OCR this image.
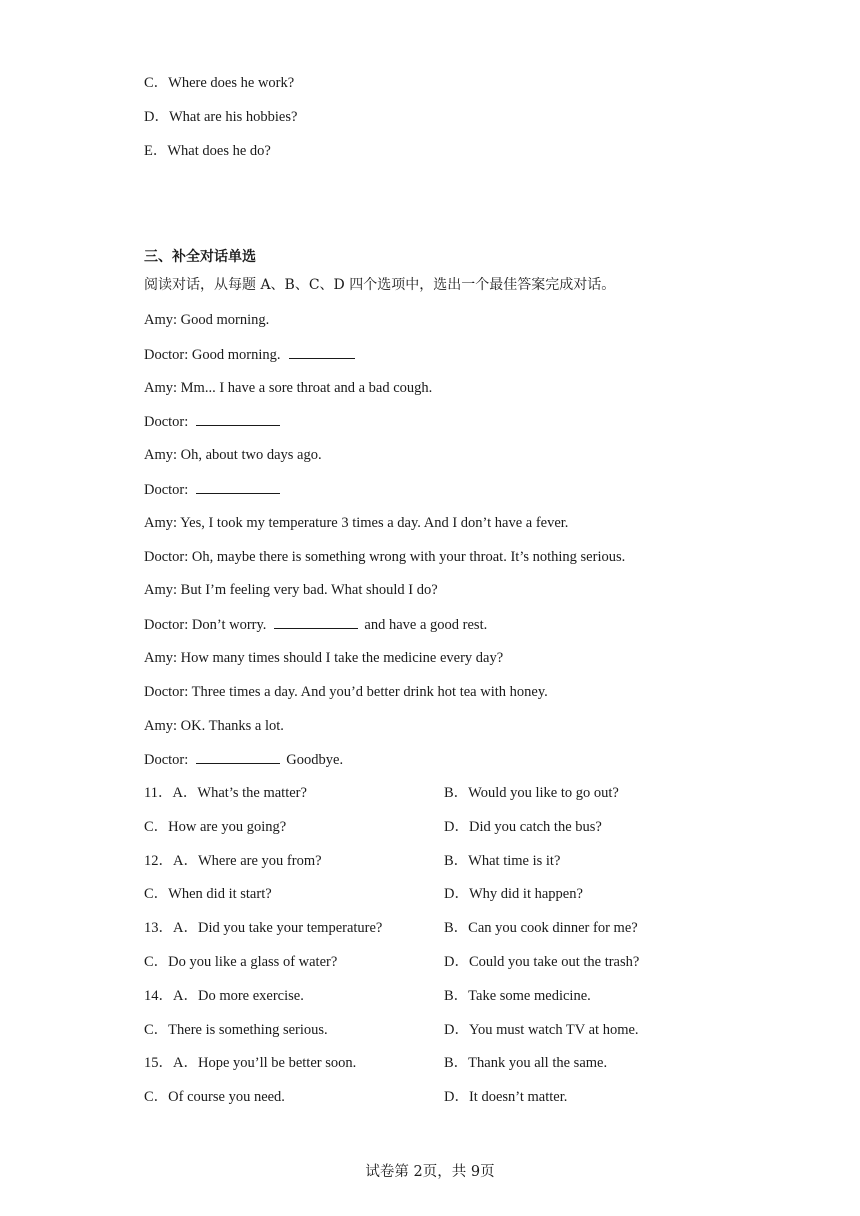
C．Where does he work?
D．What are his hobbies?
E．What does he do?
三、补全对话单选
阅读对话，从每题 A、B、C、D 四个选项中，选出一个最佳答案完成对话。
Amy: Good morning.
Doctor: Good morning.
Amy: Mm... I have a sore throat and a bad cough.
Doctor:
Amy: Oh, about two days ago.
Doctor:
Amy: Yes, I took my temperature 3 times a day. And I don’t have a fever.
Doctor: Oh, maybe there is something wrong with your throat. It’s nothing serious.
Amy: But I’m feeling very bad. What should I do?
Doctor: Don’t worry.	and have a good rest.
Amy: How many times should I take the medicine every day?
Doctor: Three times a day. And you’d better drink hot tea with honey.
Amy: OK. Thanks a lot.
Doctor:	Goodbye.
11．A．What’s the matter?	B．Would you like to go out?
C．How are you going?	D．Did you catch the bus?
12．A．Where are you from?	B．What time is it?
C．When did it start?	D．Why did it happen?
13．A．Did you take your temperature?	B．Can you cook dinner for me?
C．Do you like a glass of water?	D．Could you take out the trash?
14．A．Do more exercise.	B．Take some medicine.
C．There is something serious.	D．You must watch TV at home.
15．A．Hope you’ll be better soon.	B．Thank you all the same.
C．Of course you need.	D．It doesn’t matter.
试卷第 2页，共 9页
